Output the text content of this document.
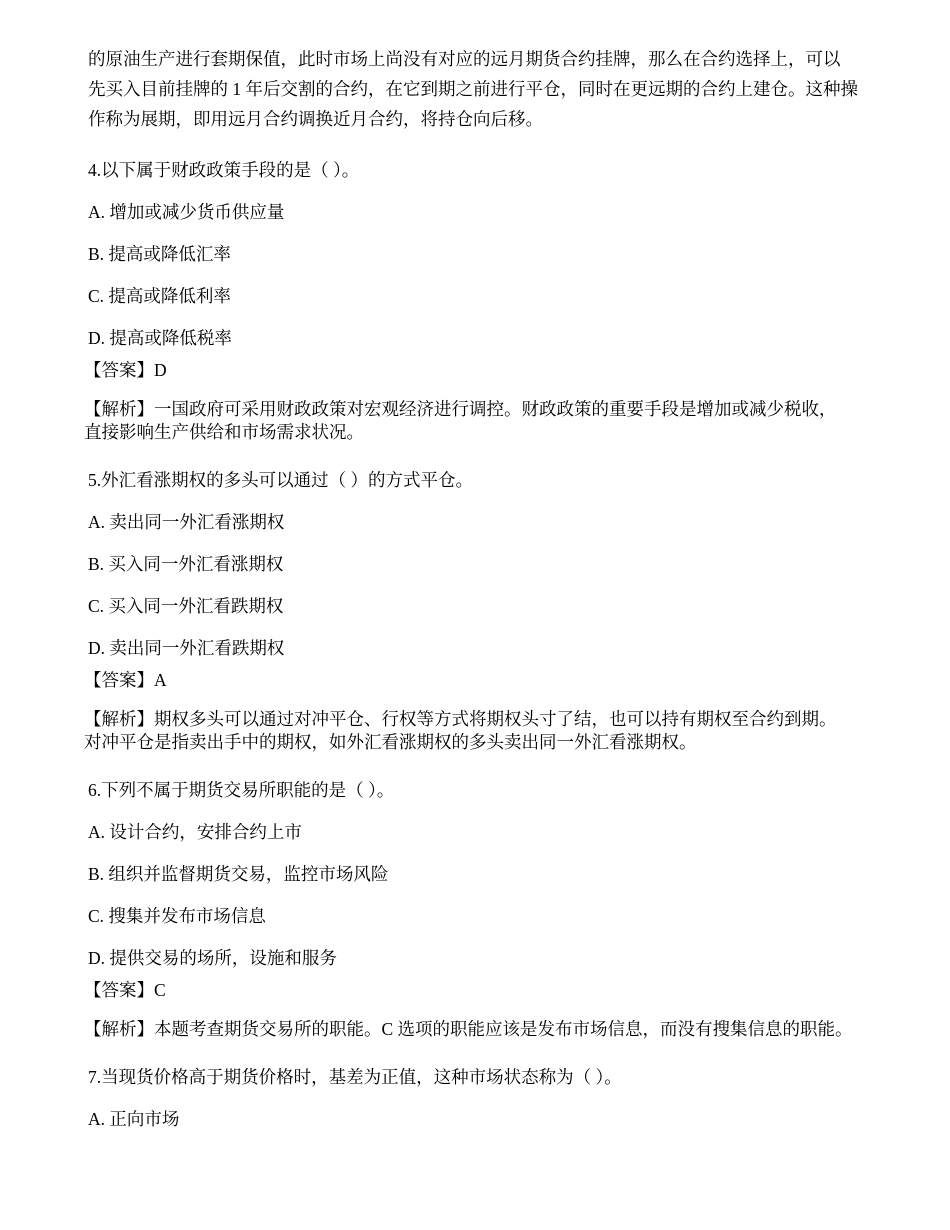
的原油生产进行套期保值，此时市场上尚没有对应的远月期货合约挂牌，那么在合约选择上，可以
先买入目前挂牌的 1 年后交割的合约，在它到期之前进行平仓，同时在更远期的合约上建仓。这种操
作称为展期，即用远月合约调换近月合约，将持仓向后移。
4.以下属于财政政策手段的是（ ）。
A. 增加或减少货币供应量
B. 提高或降低汇率
C. 提高或降低利率
D. 提高或降低税率
【答案】D
【解析】一国政府可采用财政政策对宏观经济进行调控。财政政策的重要手段是增加或减少税收，
直接影响生产供给和市场需求状况。
5.外汇看涨期权的多头可以通过（ ）的方式平仓。
A. 卖出同一外汇看涨期权
B. 买入同一外汇看涨期权
C. 买入同一外汇看跌期权
D. 卖出同一外汇看跌期权
【答案】A
【解析】期权多头可以通过对冲平仓、行权等方式将期权头寸了结，也可以持有期权至合约到期。
对冲平仓是指卖出手中的期权，如外汇看涨期权的多头卖出同一外汇看涨期权。
6.下列不属于期货交易所职能的是（ ）。
A. 设计合约，安排合约上市
B. 组织并监督期货交易，监控市场风险
C. 搜集并发布市场信息
D. 提供交易的场所，设施和服务
【答案】C
【解析】本题考查期货交易所的职能。C 选项的职能应该是发布市场信息，而没有搜集信息的职能。
7.当现货价格高于期货价格时，基差为正值，这种市场状态称为（ ）。
A. 正向市场
